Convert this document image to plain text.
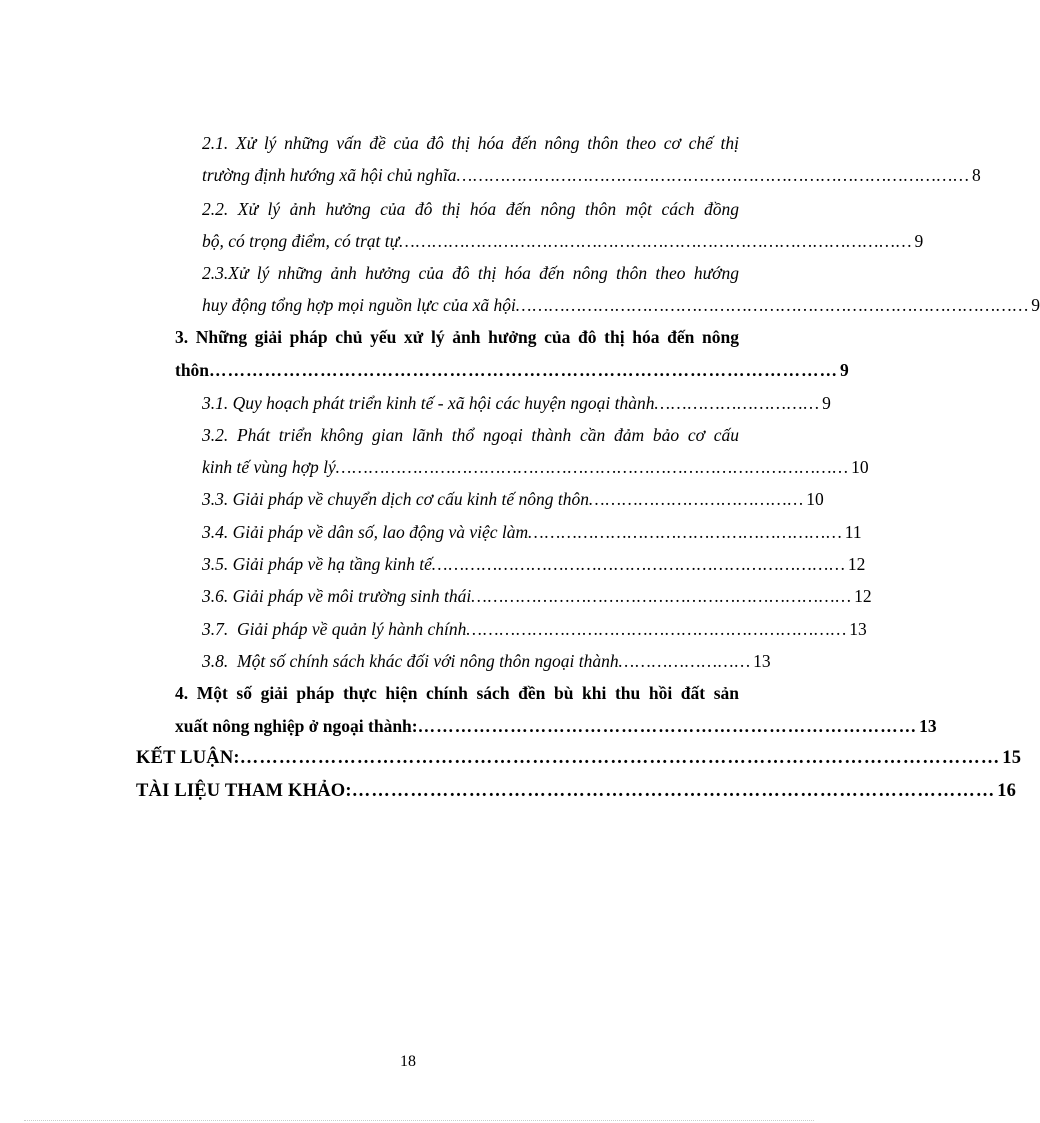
2.1. Xử lý những vấn đề của đô thị hóa đến nông thôn theo cơ chế thị
trường định hướng xã hội chủ nghĩa ………………………………………………………………………………… 8
2.2. Xử lý ảnh hưởng của đô thị hóa đến nông thôn một cách đồng
bộ, có trọng điểm, có trạt tự ………………………………………………………………………………… 9
2.3.Xử lý những ảnh hưởng của đô thị hóa đến nông thôn theo hướng
huy động tổng hợp mọi nguồn lực của xã hội ………………………………………………………………………………… 9
3. Những giải pháp chủ yếu xử lý ảnh hưởng của đô thị hóa đến nông
thôn ………………………………………………………………………………………… 9
3.1. Quy hoạch phát triển kinh tế - xã hội các huyện ngoại thành ………………………… 9
3.2. Phát triển không gian lãnh thổ ngoại thành cần đảm bảo cơ cấu
kinh tế vùng hợp lý ………………………………………………………………………………… 10
3.3. Giải pháp về chuyển dịch cơ cấu kinh tế nông thôn ………………………………… 10
3.4. Giải pháp về dân số, lao động và việc làm ………………………………………………… 11
3.5. Giải pháp về hạ tầng kinh tế ………………………………………………………………… 12
3.6. Giải pháp về môi trường sinh thái …………………………………………………………… 12
3.7.  Giải pháp về quản lý hành chính …………………………………………………………… 13
3.8.  Một số chính sách khác đối với nông thôn ngoại thành …………………… 13
4. Một số giải pháp thực hiện chính sách đền bù khi thu hồi đất sản
xuất nông nghiệp ở ngoại thành: ……………………………………………………………………… 13
KẾT LUẬN: ……………………………………………………………………………………………………… 15
TÀI LIỆU THAM KHẢO: ……………………………………………………………………………………… 16
18
